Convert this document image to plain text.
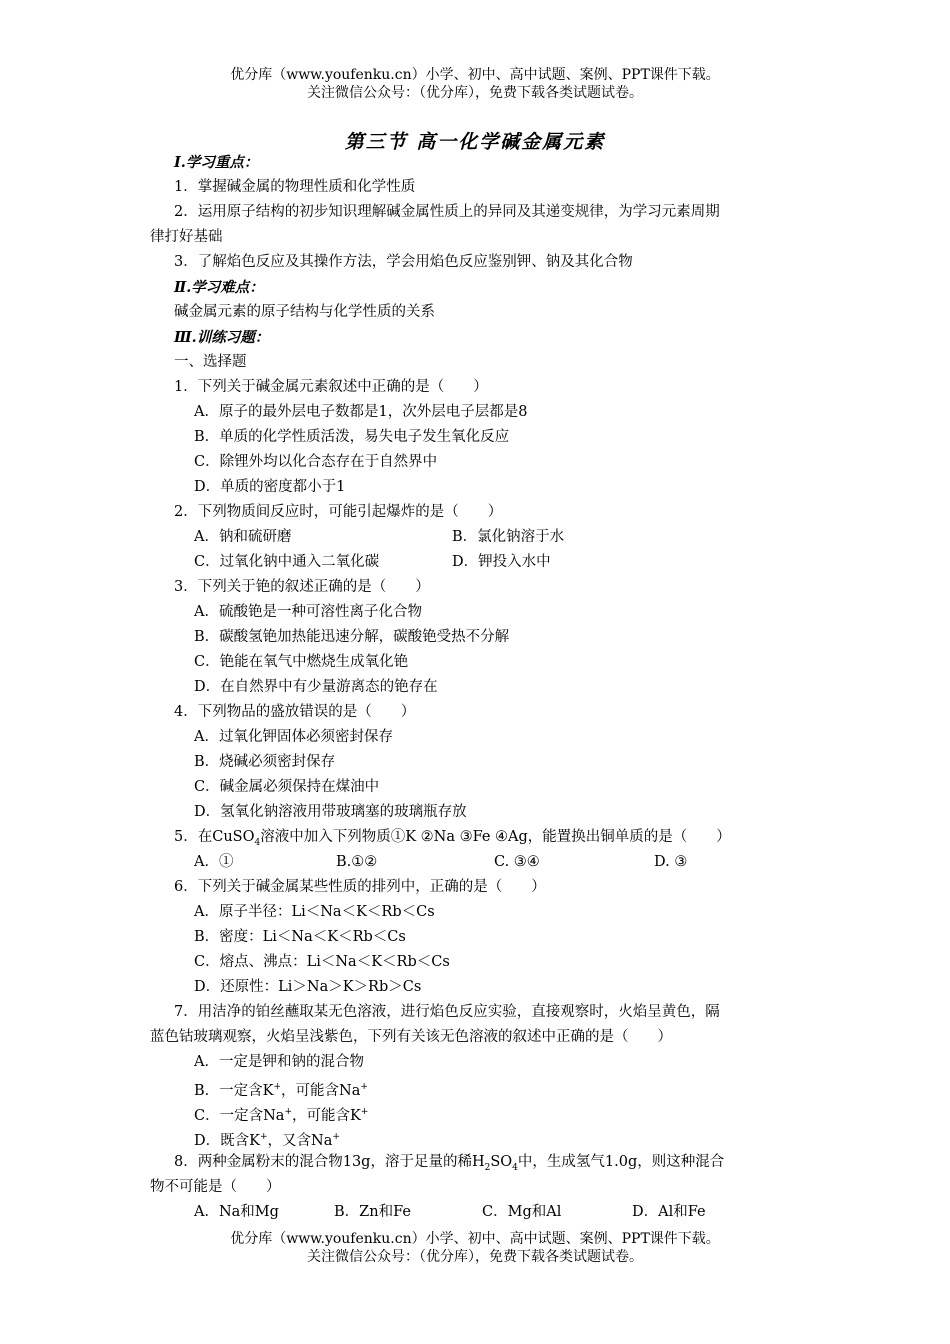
优分库（www.youfenku.cn）小学、初中、高中试题、案例、PPT课件下载。
关注微信公众号：（优分库），免费下载各类试题试卷。
第三节 高一化学碱金属元素
Ⅰ.学习重点：
1．掌握碱金属的物理性质和化学性质
2．运用原子结构的初步知识理解碱金属性质上的异同及其递变规律，为学习元素周期
律打好基础
3．了解焰色反应及其操作方法，学会用焰色反应鉴别钾、钠及其化合物
Ⅱ.学习难点：
碱金属元素的原子结构与化学性质的关系
Ⅲ.训练习题：
一、选择题
1．下列关于碱金属元素叙述中正确的是（　　）
A．原子的最外层电子数都是1，次外层电子层都是8
B．单质的化学性质活泼，易失电子发生氧化反应
C．除锂外均以化合态存在于自然界中
D．单质的密度都小于1
2．下列物质间反应时，可能引起爆炸的是（　　）
A．钠和硫研磨	B．氯化钠溶于水
C．过氧化钠中通入二氧化碳	D．钾投入水中
3．下列关于铯的叙述正确的是（　　）
A．硫酸铯是一种可溶性离子化合物
B．碳酸氢铯加热能迅速分解，碳酸铯受热不分解
C．铯能在氧气中燃烧生成氧化铯
D．在自然界中有少量游离态的铯存在
4．下列物品的盛放错误的是（　　）
A．过氧化钾固体必须密封保存
B．烧碱必须密封保存
C．碱金属必须保持在煤油中
D．氢氧化钠溶液用带玻璃塞的玻璃瓶存放
5．在CuSO$_4$溶液中加入下列物质①K ②Na ③Fe ④Ag，能置换出铜单质的是（　　）
A．①	B.①②	C. ③④	D. ③
6．下列关于碱金属某些性质的排列中，正确的是（　　）
A．原子半径：Li＜Na＜K＜Rb＜Cs
B．密度：Li＜Na＜K＜Rb＜Cs
C．熔点、沸点：Li＜Na＜K＜Rb＜Cs
D．还原性：Li＞Na＞K＞Rb＞Cs
7．用洁净的铂丝蘸取某无色溶液，进行焰色反应实验，直接观察时，火焰呈黄色，隔
蓝色钴玻璃观察，火焰呈浅紫色，下列有关该无色溶液的叙述中正确的是（　　）
A．一定是钾和钠的混合物
B．一定含K+，可能含Na+
C．一定含Na+，可能含K+
D．既含K+，又含Na+
8．两种金属粉末的混合物13g，溶于足量的稀$H_2SO_4$中，生成氢气1.0g，则这种混合
物不可能是（　　）
A．Na和Mg	B．Zn和Fe	C．Mg和Al	D．Al和Fe
优分库（www.youfenku.cn）小学、初中、高中试题、案例、PPT课件下载。
关注微信公众号：（优分库），免费下载各类试题试卷。
